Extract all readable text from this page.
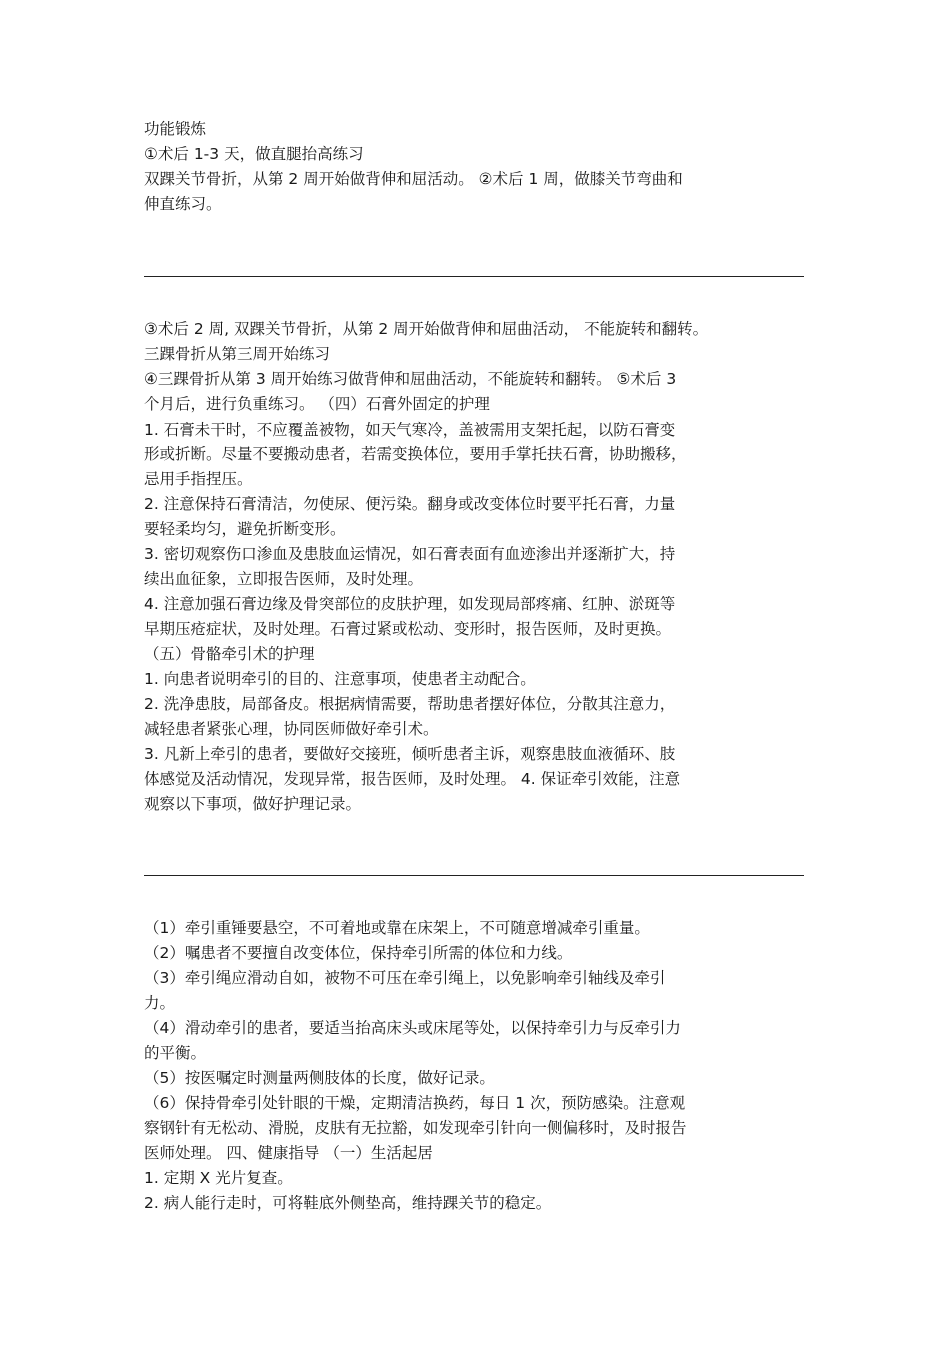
功能锻炼
①术后 1-3 天，做直腿抬高练习
双踝关节骨折，从第 2 周开始做背伸和屈活动。 ②术后 1 周，做膝关节弯曲和
伸直练习。
③术后 2 周, 双踝关节骨折，从第 2 周开始做背伸和屈曲活动， 不能旋转和翻转。
三踝骨折从第三周开始练习
④三踝骨折从第 3 周开始练习做背伸和屈曲活动，不能旋转和翻转。 ⑤术后 3
个月后，进行负重练习。 （四）石膏外固定的护理
1. 石膏未干时，不应覆盖被物，如天气寒冷，盖被需用支架托起，以防石膏变
形或折断。尽量不要搬动患者，若需变换体位，要用手掌托扶石膏，协助搬移，
忌用手指捏压。
2. 注意保持石膏清洁，勿使尿、便污染。翻身或改变体位时要平托石膏，力量
要轻柔均匀，避免折断变形。
3. 密切观察伤口渗血及患肢血运情况，如石膏表面有血迹渗出并逐渐扩大，持
续出血征象，立即报告医师，及时处理。
4. 注意加强石膏边缘及骨突部位的皮肤护理，如发现局部疼痛、红肿、淤斑等
早期压疮症状，及时处理。石膏过紧或松动、变形时，报告医师，及时更换。
（五）骨骼牵引术的护理
1. 向患者说明牵引的目的、注意事项，使患者主动配合。
2. 洗净患肢，局部备皮。根据病情需要，帮助患者摆好体位，分散其注意力，
减轻患者紧张心理，协同医师做好牵引术。
3. 凡新上牵引的患者，要做好交接班，倾听患者主诉，观察患肢血液循环、肢
体感觉及活动情况，发现异常，报告医师，及时处理。 4. 保证牵引效能，注意
观察以下事项，做好护理记录。
（1）牵引重锤要悬空，不可着地或靠在床架上，不可随意增减牵引重量。
（2）嘱患者不要擅自改变体位，保持牵引所需的体位和力线。
（3）牵引绳应滑动自如，被物不可压在牵引绳上，以免影响牵引轴线及牵引
力。
（4）滑动牵引的患者，要适当抬高床头或床尾等处，以保持牵引力与反牵引力
的平衡。
（5）按医嘱定时测量两侧肢体的长度，做好记录。
（6）保持骨牵引处针眼的干燥，定期清洁换药，每日 1 次，预防感染。注意观
察钢针有无松动、滑脱，皮肤有无拉豁，如发现牵引针向一侧偏移时，及时报告
医师处理。 四、健康指导 （一）生活起居
1. 定期 X 光片复查。
2. 病人能行走时，可将鞋底外侧垫高，维持踝关节的稳定。
